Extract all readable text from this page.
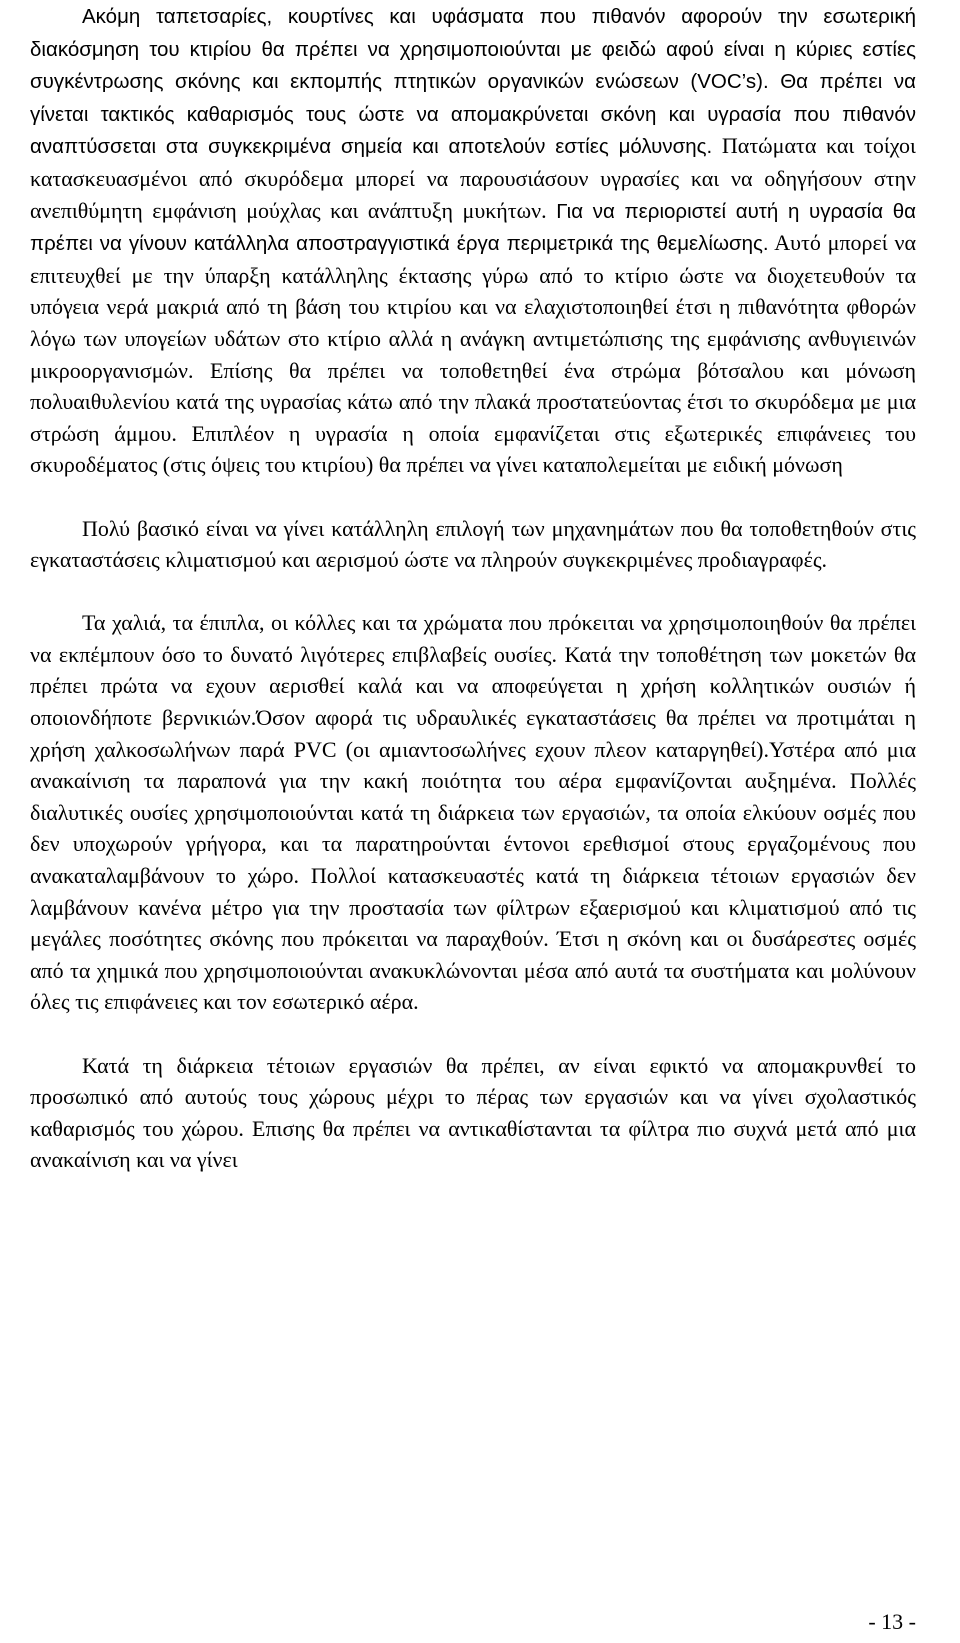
Ακόμη ταπετσαρίες, κουρτίνες και υφάσματα που πιθανόν αφορούν την εσωτερική διακόσμηση του κτιρίου θα πρέπει να χρησιμοποιούνται με φειδώ αφού είναι η κύριες εστίες συγκέντρωσης σκόνης και εκπομπής πτητικών οργανικών ενώσεων (VOC’s). Θα πρέπει να γίνεται τακτικός καθαρισμός τους ώστε να απομακρύνεται σκόνη και υγρασία που πιθανόν αναπτύσσεται στα συγκεκριμένα σημεία και αποτελούν εστίες μόλυνσης. Πατώματα και τοίχοι κατασκευασμένοι από σκυρόδεμα μπορεί να παρουσιάσουν υγρασίες και να οδηγήσουν στην ανεπιθύμητη εμφάνιση μούχλας και ανάπτυξη μυκήτων. Για να περιοριστεί αυτή η υγρασία θα πρέπει να γίνουν κατάλληλα αποστραγγιστικά έργα περιμετρικά της θεμελίωσης. Αυτό μπορεί να επιτευχθεί με την ύπαρξη κατάλληλης έκτασης γύρω από το κτίριο ώστε να διοχετευθούν τα υπόγεια νερά μακριά από τη βάση του κτιρίου και να ελαχιστοποιηθεί έτσι η πιθανότητα φθορών λόγω των υπογείων υδάτων στο κτίριο αλλά η ανάγκη αντιμετώπισης της εμφάνισης ανθυγιεινών μικροοργανισμών. Επίσης θα πρέπει να τοποθετηθεί ένα στρώμα βότσαλου και μόνωση πολυαιθυλενίου κατά της υγρασίας κάτω από την πλακά προστατεύοντας έτσι το σκυρόδεμα με μια στρώση άμμου. Επιπλέον η υγρασία η οποία εμφανίζεται στις εξωτερικές επιφάνειες του σκυροδέματος (στις όψεις του κτιρίου) θα πρέπει να γίνει καταπολεμείται με ειδική μόνωση

Πολύ βασικό είναι να γίνει κατάλληλη επιλογή των μηχανημάτων που θα τοποθετηθούν στις εγκαταστάσεις κλιματισμού και αερισμού ώστε να πληρούν συγκεκριμένες προδιαγραφές.

Τα χαλιά, τα έπιπλα, οι κόλλες και τα χρώματα που πρόκειται να χρησιμοποιηθούν θα πρέπει να εκπέμπουν όσο το δυνατό λιγότερες επιβλαβείς ουσίες. Κατά την τοποθέτηση των μοκετών θα πρέπει πρώτα να εχουν αερισθεί καλά και να αποφεύγεται η χρήση κολλητικών ουσιών ή οποιονδήποτε βερνικιών.Όσον αφορά τις υδραυλικές εγκαταστάσεις θα πρέπει να προτιμάται η χρήση χαλκοσωλήνων παρά PVC (οι αμιαντοσωλήνες εχουν πλεον καταργηθεί).Υστέρα από μια ανακαίνιση τα παραπονά για την κακή ποιότητα του αέρα εμφανίζονται αυξημένα. Πολλές διαλυτικές ουσίες χρησιμοποιούνται κατά τη διάρκεια των εργασιών, τα οποία ελκύουν οσμές που δεν υποχωρούν γρήγορα, και τα παρατηρούνται έντονοι ερεθισμοί στους εργαζομένους που ανακαταλαμβάνουν το χώρο. Πολλοί κατασκευαστές κατά τη διάρκεια τέτοιων εργασιών δεν λαμβάνουν κανένα μέτρο για την προστασία των φίλτρων εξαερισμού και κλιματισμού από τις μεγάλες ποσότητες σκόνης που πρόκειται να παραχθούν. Έτσι η σκόνη και οι δυσάρεστες οσμές από τα χημικά που χρησιμοποιούνται ανακυκλώνονται μέσα από αυτά τα συστήματα και μολύνουν όλες τις επιφάνειες και τον εσωτερικό αέρα.

Κατά τη διάρκεια τέτοιων εργασιών θα πρέπει, αν είναι εφικτό να απομακρυνθεί το προσωπικό από αυτούς τους χώρους μέχρι το πέρας των εργασιών και να γίνει σχολαστικός καθαρισμός του χώρου. Επισης θα πρέπει να αντικαθίστανται τα φίλτρα πιο συχνά μετά από μια ανακαίνιση και να γίνει

- 13 -
